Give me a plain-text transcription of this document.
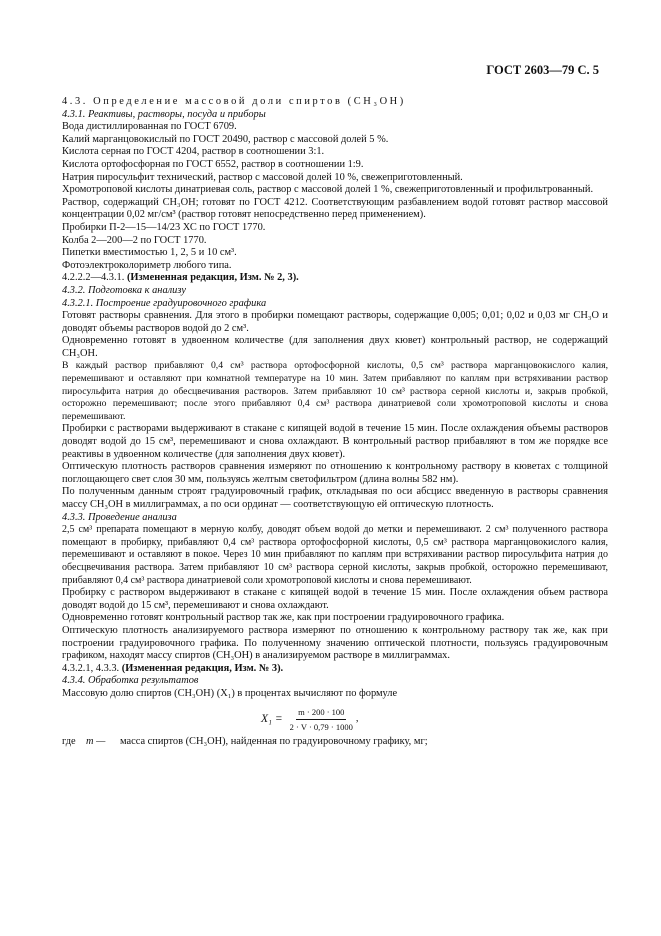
ГОСТ 2603—79 С. 5

4.3. Определение массовой доли спиртов (CH₃OH)

4.3.1. Реактивы, растворы, посуда и приборы

Вода дистиллированная по ГОСТ 6709.

Калий марганцовокислый по ГОСТ 20490, раствор с массовой долей 5 %.

Кислота серная по ГОСТ 4204, раствор в соотношении 3:1.

Кислота ортофосфорная по ГОСТ 6552, раствор в соотношении 1:9.

Натрия пиросульфит технический, раствор с массовой долей 10 %, свежеприготовленный.

Хромотроповой кислоты динатриевая соль, раствор с массовой долей 1 %, свежеприготовленный и профильтрованный.

Раствор, содержащий CH₃OH; готовят по ГОСТ 4212. Соответствующим разбавлением водой готовят раствор массовой концентрации 0,02 мг/см³ (раствор готовят непосредственно перед применением).

Пробирки П-2—15—14/23 ХС по ГОСТ 1770.

Колба 2—200—2 по ГОСТ 1770.

Пипетки вместимостью 1, 2, 5 и 10 см³.

Фотоэлектроколориметр любого типа.

4.2.2.2—4.3.1. (Измененная редакция, Изм. № 2, 3).

4.3.2. Подготовка к анализу

4.3.2.1. Построение градуировочного графика

Готовят растворы сравнения. Для этого в пробирки помещают растворы, содержащие 0,005; 0,01; 0,02 и 0,03 мг CH₃O и доводят объемы растворов водой до 2 см³.

Одновременно готовят в удвоенном количестве (для заполнения двух кювет) контрольный раствор, не содержащий CH₃OH.

В каждый раствор прибавляют 0,4 см³ раствора ортофосфорной кислоты, 0,5 см³ раствора марганцовокислого калия, перемешивают и оставляют при комнатной температуре на 10 мин. Затем прибавляют по каплям при встряхивании раствор пиросульфита натрия до обесцвечивания растворов. Затем прибавляют 10 см³ раствора серной кислоты и, закрыв пробкой, осторожно перемешивают; после этого прибавляют 0,4 см³ раствора динатриевой соли хромотроповой кислоты и снова перемешивают.

Пробирки с растворами выдерживают в стакане с кипящей водой в течение 15 мин. После охлаждения объемы растворов доводят водой до 15 см³, перемешивают и снова охлаждают. В контрольный раствор прибавляют в том же порядке все реактивы в удвоенном количестве (для заполнения двух кювет).

Оптическую плотность растворов сравнения измеряют по отношению к контрольному раствору в кюветах с толщиной поглощающего свет слоя 30 мм, пользуясь желтым светофильтром (длина волны 582 нм).

По полученным данным строят градуировочный график, откладывая по оси абсцисс введенную в растворы сравнения массу CH₃OH в миллиграммах, а по оси ординат — соответствующую ей оптическую плотность.

4.3.3. Проведение анализа

2,5 см³ препарата помещают в мерную колбу, доводят объем водой до метки и перемешивают. 2 см³ полученного раствора помещают в пробирку, прибавляют 0,4 см³ раствора ортофосфорной кислоты, 0,5 см³ раствора марганцовокислого калия, перемешивают и оставляют в покое. Через 10 мин прибавляют по каплям при встряхивании раствор пиросульфита натрия до обесцвечивания раствора. Затем прибавляют 10 см³ раствора серной кислоты, закрыв пробкой, осторожно перемешивают, прибавляют 0,4 см³ раствора динатриевой соли хромотроповой кислоты и снова перемешивают.

Пробирку с раствором выдерживают в стакане с кипящей водой в течение 15 мин. После охлаждения объем раствора доводят водой до 15 см³, перемешивают и снова охлаждают.

Одновременно готовят контрольный раствор так же, как при построении градуировочного графика.

Оптическую плотность анализируемого раствора измеряют по отношению к контрольному раствору так же, как при построении градуировочного графика. По полученному значению оптической плотности, пользуясь градуировочным графиком, находят массу спиртов (CH₃OH) в анализируемом растворе в миллиграммах.

4.3.2.1, 4.3.3. (Измененная редакция, Изм. № 3).

4.3.4. Обработка результатов

Массовую долю спиртов (CH₃OH) (X₁) в процентах вычисляют по формуле

$X_1 = \frac{m \cdot 200 \cdot 100}{2 \cdot V \cdot 0,79 \cdot 1000}$ ,
где m —	масса спиртов (CH₃OH), найденная по градуировочному графику, мг;
